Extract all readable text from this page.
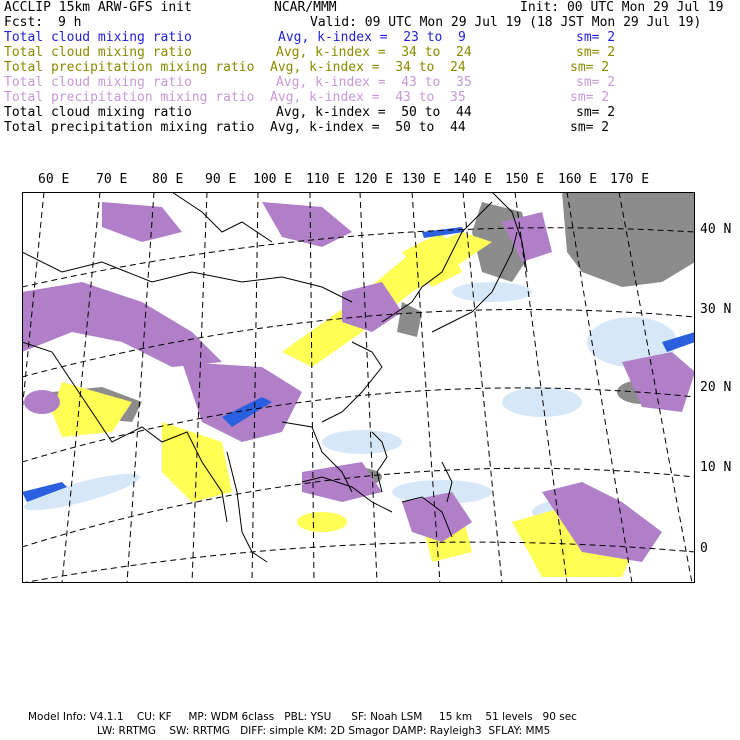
ACCLIP 15km ARW-GFS init	NCAR/MMM	Init: 00 UTC Mon 29 Jul 19
Fcst: 9 h	Valid: 09 UTC Mon 29 Jul 19 (18 JST Mon 29 Jul 19)
Total cloud mixing ratio	Avg, k-index =  23 to  9	sm= 2
Total cloud mixing ratio	Avg, k-index =  34 to  24	sm= 2
Total precipitation mixing ratio Avg, k-index =  34 to  24	sm= 2
Total cloud mixing ratio	Avg, k-index =  43 to  35	sm= 2
Total precipitation mixing ratio Avg, k-index =  43 to  35	sm= 2
Total cloud mixing ratio	Avg, k-index =  50 to  44	sm= 2
Total precipitation mixing ratio Avg, k-index =  50 to  44	sm= 2
60 E 70 E 80 E 90 E 100 E 110 E 120 E 130 E 140 E 150 E 160 E 170 E
40 N
30 N
20 N
10 N
0
Model Info: V4.1.1    CU: KF     MP: WDM 6class   PBL: YSU      SF: Noah LSM     15 km    51 levels   90 sec
LW: RRTMG    SW: RRTMG   DIFF: simple KM: 2D Smagor DAMP: Rayleigh3  SFLAY: MM5
